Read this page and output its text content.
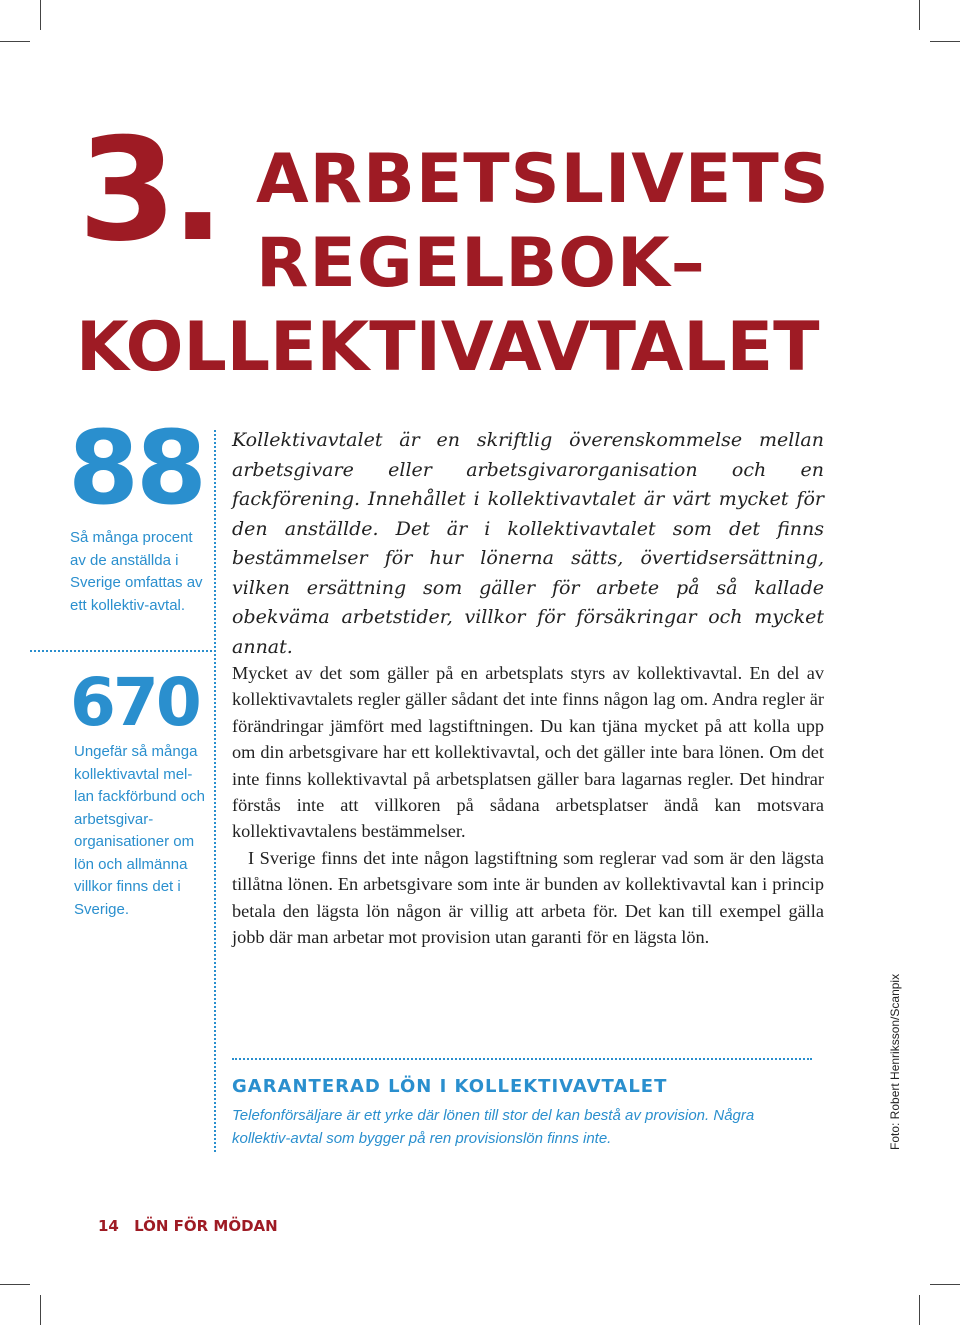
3. ARBETSLIVETS
REGELBOK–
KOLLEKTIVAVTALET
88

Så många procent av de anställda i Sverige omfattas av ett kollektiv-avtal.

670

Ungefär så många kollektivavtal mel-lan fackförbund och arbetsgivar-organisationer om lön och allmänna villkor finns det i Sverige.

Kollektivavtalet är en skriftlig överenskommelse mellan arbetsgivare eller arbetsgivarorganisation och en fackförening. Innehållet i kollektivavtalet är värt mycket för den anställde. Det är i kollektivavtalet som det finns bestämmelser för hur lönerna sätts, övertidsersättning, vilken ersättning som gäller för arbete på så kallade obekväma arbetstider, villkor för försäkringar och mycket annat.

Mycket av det som gäller på en arbetsplats styrs av kollektivavtal. En del av kollektivavtalets regler gäller sådant det inte finns någon lag om. Andra regler är förändringar jämfört med lagstiftningen. Du kan tjäna mycket på att kolla upp om din arbetsgivare har ett kollektivavtal, och det gäller inte bara lönen. Om det inte finns kollektivavtal på arbetsplatsen gäller bara lagarnas regler. Det hindrar förstås inte att villkoren på sådana arbetsplatser ändå kan motsvara kollektivavtalens bestämmelser.

I Sverige finns det inte någon lagstiftning som reglerar vad som är den lägsta tillåtna lönen. En arbetsgivare som inte är bunden av kollektivavtal kan i princip betala den lägsta lön någon är villig att arbeta för. Det kan till exempel gälla jobb där man arbetar mot provision utan garanti för en lägsta lön.

GARANTERAD LÖN I KOLLEKTIVAVTALET

Telefonförsäljare är ett yrke där lönen till stor del kan bestå av provision. Några kollektiv-avtal som bygger på ren provisionslön finns inte.	Foto: Robert Henriksson/Scanpix

14 LÖN FÖR MÖDAN
